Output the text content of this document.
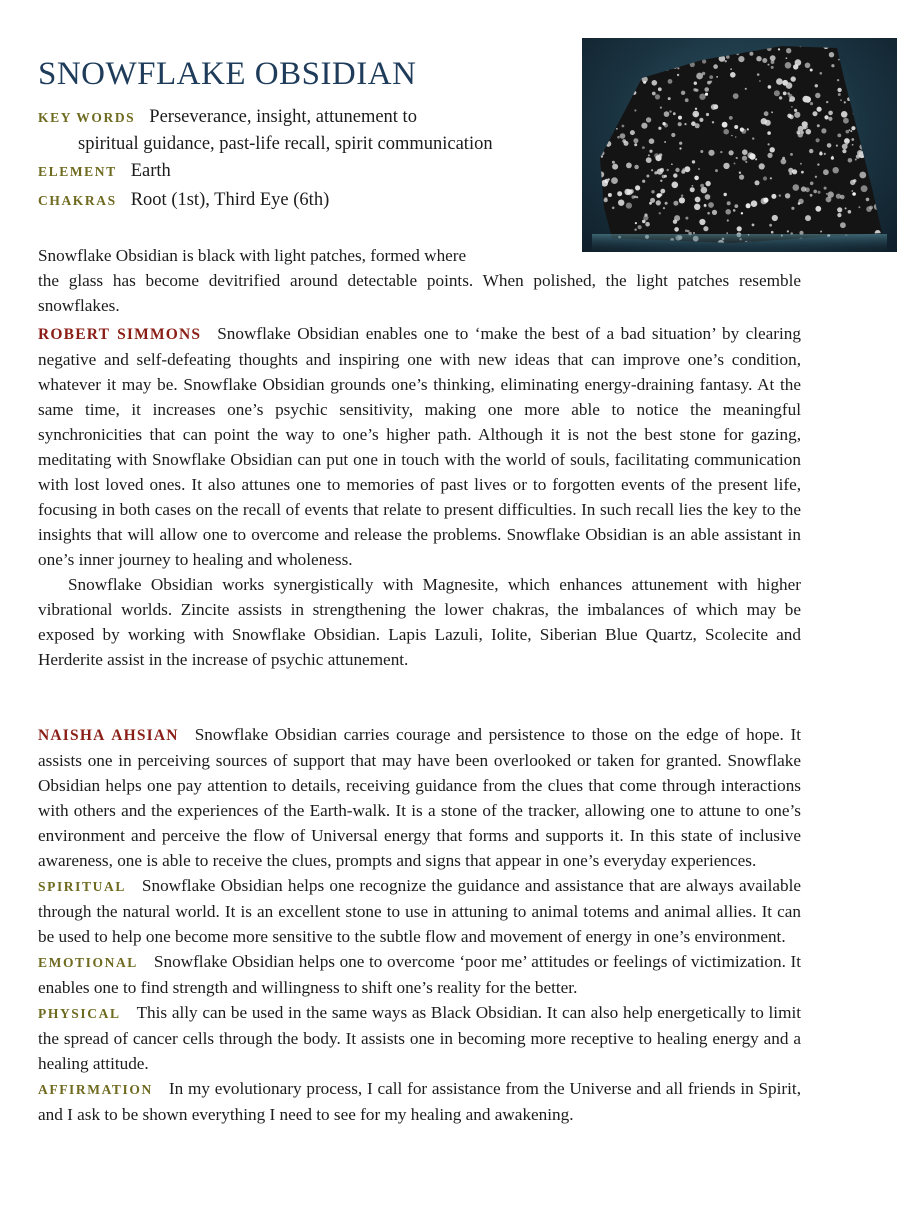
SNOWFLAKE OBSIDIAN
KEY WORDS Perseverance, insight, attunement to
spiritual guidance, past-life recall, spirit communication
ELEMENT Earth
CHAKRAS Root (1st), Third Eye (6th)

Snowflake Obsidian is black with light patches, formed where

the glass has become devitrified around detectable points. When polished, the light patches resemble snowflakes.

ROBERT SIMMONS Snowflake Obsidian enables one to ‘make the best of a bad situation’ by clearing negative and self-defeating thoughts and inspiring one with new ideas that can improve one’s condition, whatever it may be. Snowflake Obsidian grounds one’s thinking, eliminating energy-draining fantasy. At the same time, it increases one’s psychic sensitivity, making one more able to notice the meaningful synchronicities that can point the way to one’s higher path. Although it is not the best stone for gazing, meditating with Snowflake Obsidian can put one in touch with the world of souls, facilitating communication with lost loved ones. It also attunes one to memories of past lives or to forgotten events of the present life, focusing in both cases on the recall of events that relate to present difficulties. In such recall lies the key to the insights that will allow one to overcome and release the problems. Snowflake Obsidian is an able assistant in one’s inner journey to healing and wholeness.

Snowflake Obsidian works synergistically with Magnesite, which enhances attunement with higher vibrational worlds. Zincite assists in strengthening the lower chakras, the imbalances of which may be exposed by working with Snowflake Obsidian. Lapis Lazuli, Iolite, Siberian Blue Quartz, Scolecite and Herderite assist in the increase of psychic attunement.

NAISHA AHSIAN Snowflake Obsidian carries courage and persistence to those on the edge of hope. It assists one in perceiving sources of support that may have been overlooked or taken for granted. Snowflake Obsidian helps one pay attention to details, receiving guidance from the clues that come through interactions with others and the experiences of the Earth-walk. It is a stone of the tracker, allowing one to attune to one’s environment and perceive the flow of Universal energy that forms and supports it. In this state of inclusive awareness, one is able to receive the clues, prompts and signs that appear in one’s everyday experiences.

SPIRITUAL Snowflake Obsidian helps one recognize the guidance and assistance that are always available through the natural world. It is an excellent stone to use in attuning to animal totems and animal allies. It can be used to help one become more sensitive to the subtle flow and movement of energy in one’s environment.

EMOTIONAL Snowflake Obsidian helps one to overcome ‘poor me’ attitudes or feelings of victimization. It enables one to find strength and willingness to shift one’s reality for the better.

PHYSICAL This ally can be used in the same ways as Black Obsidian. It can also help energetically to limit the spread of cancer cells through the body. It assists one in becoming more receptive to healing energy and a healing attitude.

AFFIRMATION In my evolutionary process, I call for assistance from the Universe and all friends in Spirit, and I ask to be shown everything I need to see for my healing and awakening.
